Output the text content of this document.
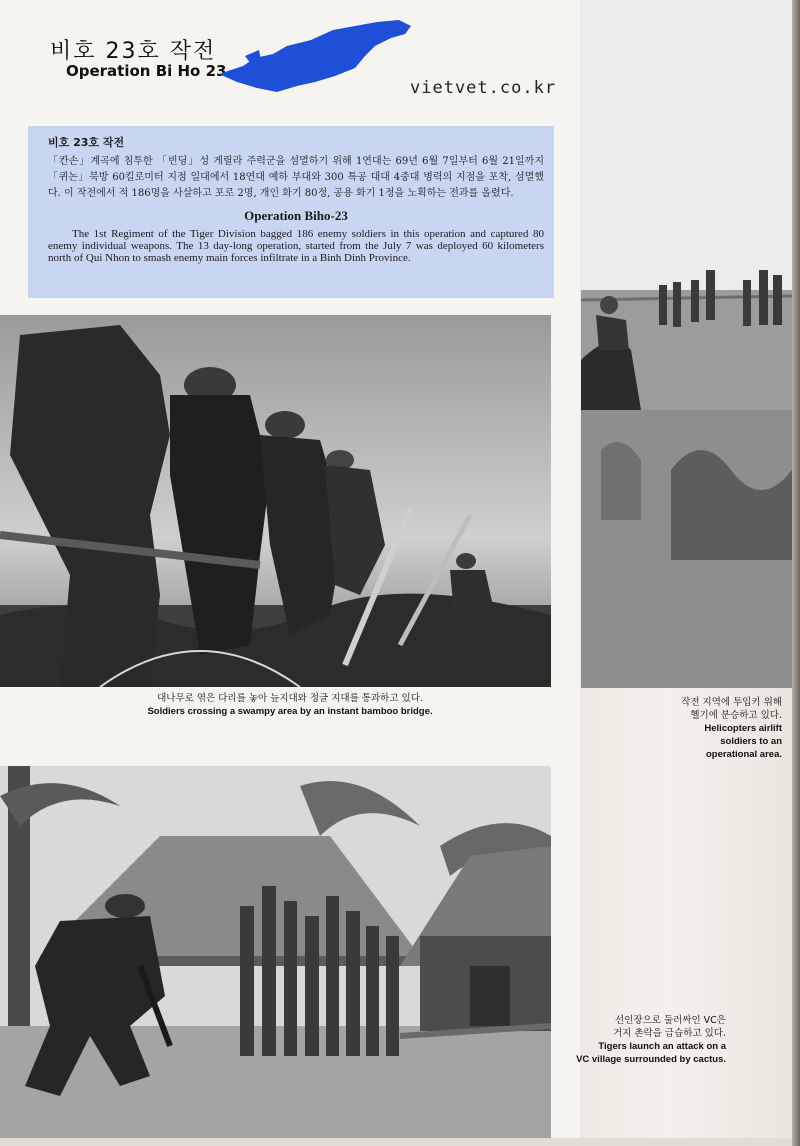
비호 23호 작전
Operation Bi Ho 23
vietvet.co.kr
비호 23호 작전
「칸손」계곡에 침투한 「빈딩」성 게릴라 주력군을 섬멸하기 위해 1연대는 69년 6월 7일부터 6월 21일까지 「퀴논」북방 60킬로미터 지점 일대에서 18연대 예하 부대와 300 특공 대대 4중대 병력의 지점을 포착, 섬멸했다. 이 작전에서 적 186명을 사살하고 포로 2명, 개인 화기 80정, 공용 화기 1정을 노획하는 전과를 올렸다.
Operation Biho-23
The 1st Regiment of the Tiger Division bagged 186 enemy soldiers in this operation and captured 80 enemy individual weapons. The 13 day-long operation, started from the July 7 was deployed 60 kilometers north of Qui Nhon to smash enemy main forces infiltrate in a Binh Dinh Province.
대나무로 엮은 다리를 놓아 늪지대와 정글 지대를 통과하고 있다.
Soldiers crossing a swampy area by an instant bamboo bridge.
작전 지역에 투입키 위해
헬기에 분승하고 있다.
Helicopters airlift
soldiers to an
operational area.
선인장으로 둘러싸인 VC은
거지 촌락을 급습하고 있다.
Tigers launch an attack on a
VC village surrounded by cactus.
